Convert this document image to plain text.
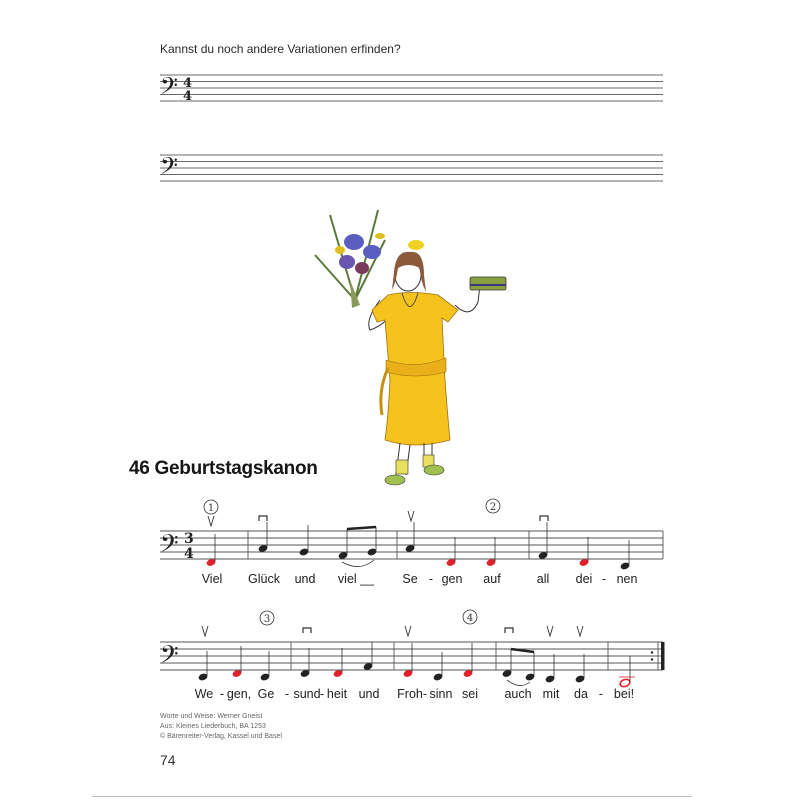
Kannst du noch andere Variationen erfinden?
𝄢 4
4
𝄢
𝄢 3
4
1	2
3	4
𝄢
46 Geburtstagskanon
Viel Glück und viel __ Se - gen auf	all dei - nen
We - gen, Ge - sund - heit und Froh - sinn sei auch mit da - bei!
Worte und Weise: Werner Gneist
Aus: Kleines Liederbuch, BA 1253
© Bärenreiter-Verlag, Kassel und Basel
74
